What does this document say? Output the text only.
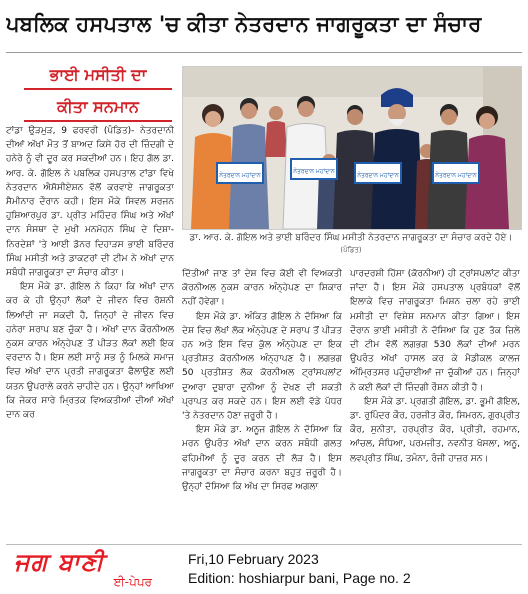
ਪਬਲਿਕ ਹਸਪਤਾਲ 'ਚ ਕੀਤਾ ਨੇਤਰਦਾਨ ਜਾਗਰੂਕਤਾ ਦਾ ਸੰਚਾਰ
ਭਾਈ ਮਸੀਤੀ ਦਾ
ਕੀਤਾ ਸਨਮਾਨ

ਟਾਂਡਾ ਉੜਮੁੜ, 9 ਫਰਵਰੀ (ਪੰਡਿਤ)- ਨੇਤਰਦਾਨੀ ਦੀਆਂ ਅੱਖਾਂ ਮੌਤ ਤੋਂ ਬਾਅਦ ਕਿਸੇ ਹੋਰ ਦੀ ਜ਼ਿੰਦਗੀ ਦੇ ਹਨੇਰੇ ਨੂੰ ਵੀ ਦੂਰ ਕਰ ਸਕਦੀਆਂ ਹਨ। ਇਹ ਗੱਲ ਡਾ. ਆਰ. ਕੇ. ਗੋਇਲ ਨੇ ਪਬਲਿਕ ਹਸਪਤਾਲ ਟਾਂਡਾ ਵਿਖੇ ਨੇਤਰਦਾਨ ਐਸੋਸੀਏਸ਼ਨ ਵੱਲੋਂ ਕਰਵਾਏ ਜਾਗਰੂਕਤਾ ਸੈਮੀਨਾਰ ਦੌਰਾਨ ਕਹੀ। ਇਸ ਮੌਕੇ ਸਿਵਲ ਸਰਜਨ ਹੁਸ਼ਿਆਰਪੁਰ ਡਾ. ਪ੍ਰੀਤ ਮਹਿੰਦਰ ਸਿੰਘ ਅਤੇ ਅੱਖਾਂ ਦਾਨ ਸੰਸਥਾ ਦੇ ਮੁਖੀ ਮਨਮੋਹਨ ਸਿੰਘ ਦੇ ਦਿਸ਼ਾ-ਨਿਰਦੇਸ਼ਾਂ 'ਤੇ ਆਈ ਡੋਨਰ ਦਿਹਾੜਸ ਭਾਈ ਬਰਿੰਦਰ ਸਿੰਘ ਮਸੀਤੀ ਅਤੇ ਡਾਕਟਰਾਂ ਦੀ ਟੀਮ ਨੇ ਅੱਖਾਂ ਦਾਨ ਸਬੰਧੀ ਜਾਗਰੂਕਤਾ ਦਾ ਸੰਚਾਰ ਕੀਤਾ।

ਇਸ ਮੌਕੇ ਡਾ. ਗੋਇਲ ਨੇ ਕਿਹਾ ਕਿ ਅੱਖਾਂ ਦਾਨ ਕਰ ਕੇ ਹੀ ਉਨ੍ਹਾਂ ਲੋਕਾਂ ਦੇ ਜੀਵਨ ਵਿਚ ਰੋਸ਼ਨੀ ਲਿਆਂਦੀ ਜਾ ਸਕਦੀ ਹੈ, ਜਿਨ੍ਹਾਂ ਦੇ ਜੀਵਨ ਵਿਚ ਹਨੇਰਾ ਸਰਾਪ ਬਣ ਚੁੱਕਾ ਹੈ। ਅੱਖਾਂ ਦਾਨ ਕੌਰਨੀਅਲ ਨੁਕਸ ਕਾਰਨ ਅੰਨ੍ਹੇਪਣ ਤੋਂ ਪੀੜਤ ਲੋਕਾਂ ਲਈ ਇਕ ਵਰਦਾਨ ਹੈ। ਇਸ ਲਈ ਸਾਨੂੰ ਸਭ ਨੂੰ ਮਿਲਕੇ ਸਮਾਜ ਵਿਚ ਅੱਖਾਂ ਦਾਨ ਪ੍ਰਤੀ ਜਾਗਰੂਕਤਾ ਫੈਲਾਉਣ ਲਈ ਯਤਨ ਉਪਰਾਲੇ ਕਰਨੇ ਚਾਹੀਦੇ ਹਨ। ਉਨ੍ਹਾਂ ਆਖਿਆ ਕਿ ਜੇਕਰ ਸਾਰੇ ਮ੍ਰਿਤਕ ਵਿਅਕਤੀਆਂ ਦੀਆਂ ਅੱਖਾਂ ਦਾਨ ਕਰ

ਨੇਤਰਦਾਨ ਮਹਾਂਦਾਨ
ਨੇਤਰਦਾਨ ਮਹਾਂਦਾਨ
ਨੇਤਰਦਾਨ ਮਹਾਂਦਾਨ	ਨੇਤਰਦਾਨ ਮਹਾਂਦਾਨ
ਡਾ. ਆਰ. ਕੇ. ਗੋਇਲ ਅਤੇ ਭਾਈ ਬਰਿੰਦਰ ਸਿੰਘ ਮਸੀਤੀ ਨੇਤਰਦਾਨ ਜਾਗਰੂਕਤਾ ਦਾ ਸੰਚਾਰ ਕਰਦੇ ਹੋਏ। (ਪੰਡਿਤ)

ਦਿੱਤੀਆਂ ਜਾਣ ਤਾਂ ਦੇਸ਼ ਵਿਚ ਕੋਈ ਵੀ ਵਿਅਕਤੀ ਕੋਰਨੀਅਲ ਨੁਕਸ ਕਾਰਨ ਅੰਨ੍ਹੇਪਣ ਦਾ ਸ਼ਿਕਾਰ ਨਹੀਂ ਹੋਵੇਗਾ।

ਇਸ ਮੌਕੇ ਡਾ. ਅੰਕਿਤ ਗੋਇਲ ਨੇ ਦੱਸਿਆ ਕਿ ਦੇਸ਼ ਵਿਚ ਲੱਖਾਂ ਲੋਕ ਅੰਨ੍ਹੇਪਣ ਦੇ ਸਰਾਪ ਤੋਂ ਪੀੜਤ ਹਨ ਅਤੇ ਇਸ ਵਿਚ ਕੁੱਲ ਅੰਨ੍ਹੇਪਣ ਦਾ ਇਕ ਪ੍ਰਤੀਸ਼ਤ ਕੋਰਨੀਅਲ ਅੰਨ੍ਹਾਪਣ ਹੈ। ਲਗਭਗ 50 ਪ੍ਰਤੀਸ਼ਤ ਲੋਕ ਕੋਰਨੀਅਲ ਟ੍ਰਾਂਸਪਲਾਂਟ ਦੁਆਰਾ ਦੁਬਾਰਾ ਦੁਨੀਆ ਨੂੰ ਦੇਖਣ ਦੀ ਸ਼ਕਤੀ ਪ੍ਰਾਪਤ ਕਰ ਸਕਦੇ ਹਨ। ਇਸ ਲਈ ਵੱਡੇ ਪੱਧਰ 'ਤੇ ਨੇਤਰਦਾਨ ਹੋਣਾ ਜ਼ਰੂਰੀ ਹੈ।

ਇਸ ਮੌਕੇ ਡਾ. ਅਨੂਜ ਗੋਇਲ ਨੇ ਦੱਸਿਆ ਕਿ ਮਰਨ ਉਪਰੰਤ ਅੱਖਾਂ ਦਾਨ ਕਰਨ ਸਬੰਧੀ ਗਲਤ ਫਹਿਮੀਆਂ ਨੂੰ ਦੂਰ ਕਰਨ ਦੀ ਲੋੜ ਹੈ। ਇਸ ਜਾਗਰੂਕਤਾ ਦਾ ਸੰਚਾਰ ਕਰਨਾ ਬਹੁਤ ਜ਼ਰੂਰੀ ਹੈ। ਉਨ੍ਹਾਂ ਦੱਸਿਆ ਕਿ ਅੱਖ ਦਾ ਸਿਰਫ ਅਗਲਾ

ਪਾਰਦਰਸ਼ੀ ਹਿੱਸਾ (ਕੋਰਨੀਆ) ਹੀ ਟ੍ਰਾਂਸਪਲਾਂਟ ਕੀਤਾ ਜਾਂਦਾ ਹੈ। ਇਸ ਮੌਕੇ ਹਸਪਤਾਲ ਪ੍ਰਬੰਧਕਾਂ ਵੱਲੋਂ ਇਲਾਕੇ ਵਿਚ ਜਾਗਰੂਕਤਾ ਮਿਸ਼ਨ ਚਲਾ ਰਹੇ ਭਾਈ ਮਸੀਤੀ ਦਾ ਵਿਸ਼ੇਸ਼ ਸਨਮਾਨ ਕੀਤਾ ਗਿਆ। ਇਸ ਦੌਰਾਨ ਭਾਈ ਮਸੀਤੀ ਨੇ ਦੱਸਿਆ ਕਿ ਹੁਣ ਤੱਕ ਜ਼ਿਲੇ ਦੀ ਟੀਮ ਵੱਲੋਂ ਲਗਭਗ 530 ਲੋਕਾਂ ਦੀਆਂ ਮਰਨ ਉਪਰੰਤ ਅੱਖਾਂ ਹਾਸਲ ਕਰ ਕੇ ਮੈਡੀਕਲ ਕਾਲਜ ਅੰਮ੍ਰਿਤਸਰ ਪਹੁੰਚਾਈਆਂ ਜਾ ਚੁੱਕੀਆਂ ਹਨ। ਜਿਨ੍ਹਾਂ ਨੇ ਕਈ ਲੋਕਾਂ ਦੀ ਜ਼ਿੰਦਗੀ ਰੌਸ਼ਨ ਕੀਤੀ ਹੈ।

ਇਸ ਮੌਕੇ ਡਾ. ਪ੍ਰਗਤੀ ਗੋਇਲ, ਡਾ. ਭੂਮੀ ਗੋਇਲ, ਡਾ. ਰੁਪਿੰਦਰ ਕੌਰ, ਹਰਜੀਤ ਕੌਰ, ਸਿਮਰਨ, ਗੁਰਪ੍ਰੀਤ ਕੌਰ, ਸੁਨੀਤਾ, ਹਰਪ੍ਰੀਤ ਕੌਰ, ਪ੍ਰੀਤੀ, ਰਹਮਾਨ, ਆਂਚਲ, ਸੰਧਿਆ, ਪਰਮਜੀਤ, ਨਵਨੀਤ ਖੋਸਲਾ, ਅਨੂ, ਲਵਪ੍ਰੀਤ ਸਿੰਘ, ਤਮੰਨਾ, ਰੰਜੀ ਹਾਜ਼ਰ ਸਨ।

ਜਗ ਬਾਣੀ
ਈ-ਪੇਪਰ
Fri,10 February 2023
Edition: hoshiarpur bani, Page no. 2
